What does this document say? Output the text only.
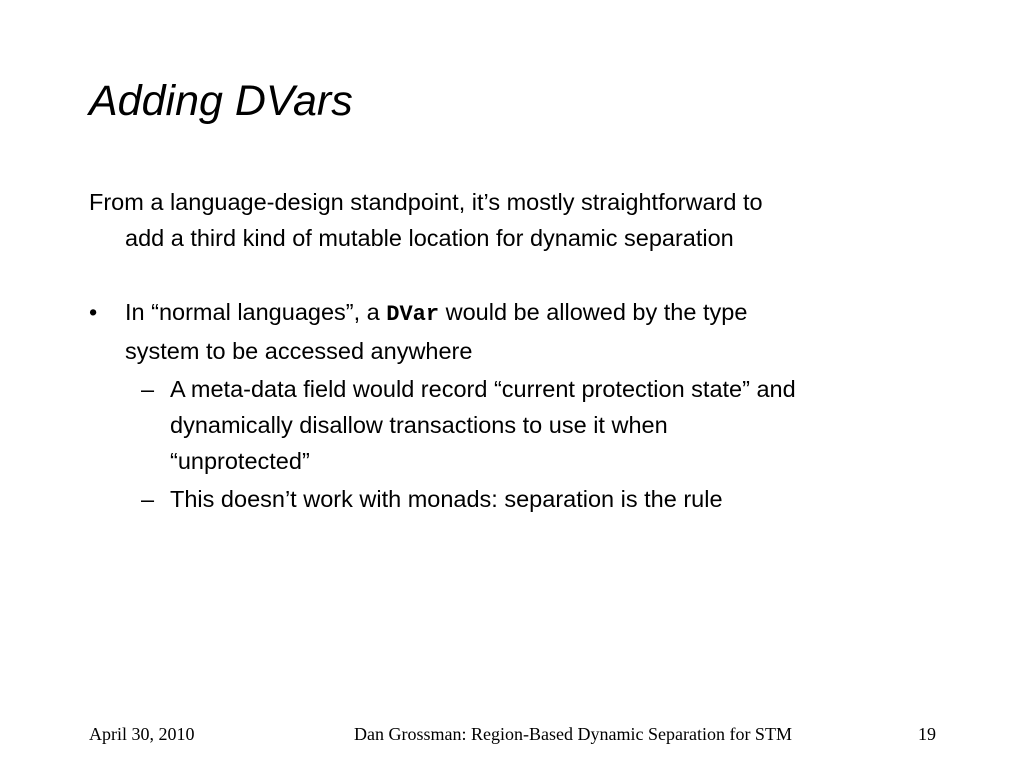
Adding DVars

From a language-design standpoint, it’s mostly straightforward to
add a third kind of mutable location for dynamic separation

• In “normal languages”, a DVar would be allowed by the type
system to be accessed anywhere
– A meta-data field would record “current protection state” and
dynamically disallow transactions to use it when
“unprotected”
– This doesn’t work with monads: separation is the rule
April 30, 2010	Dan Grossman: Region-Based Dynamic Separation for STM	19
